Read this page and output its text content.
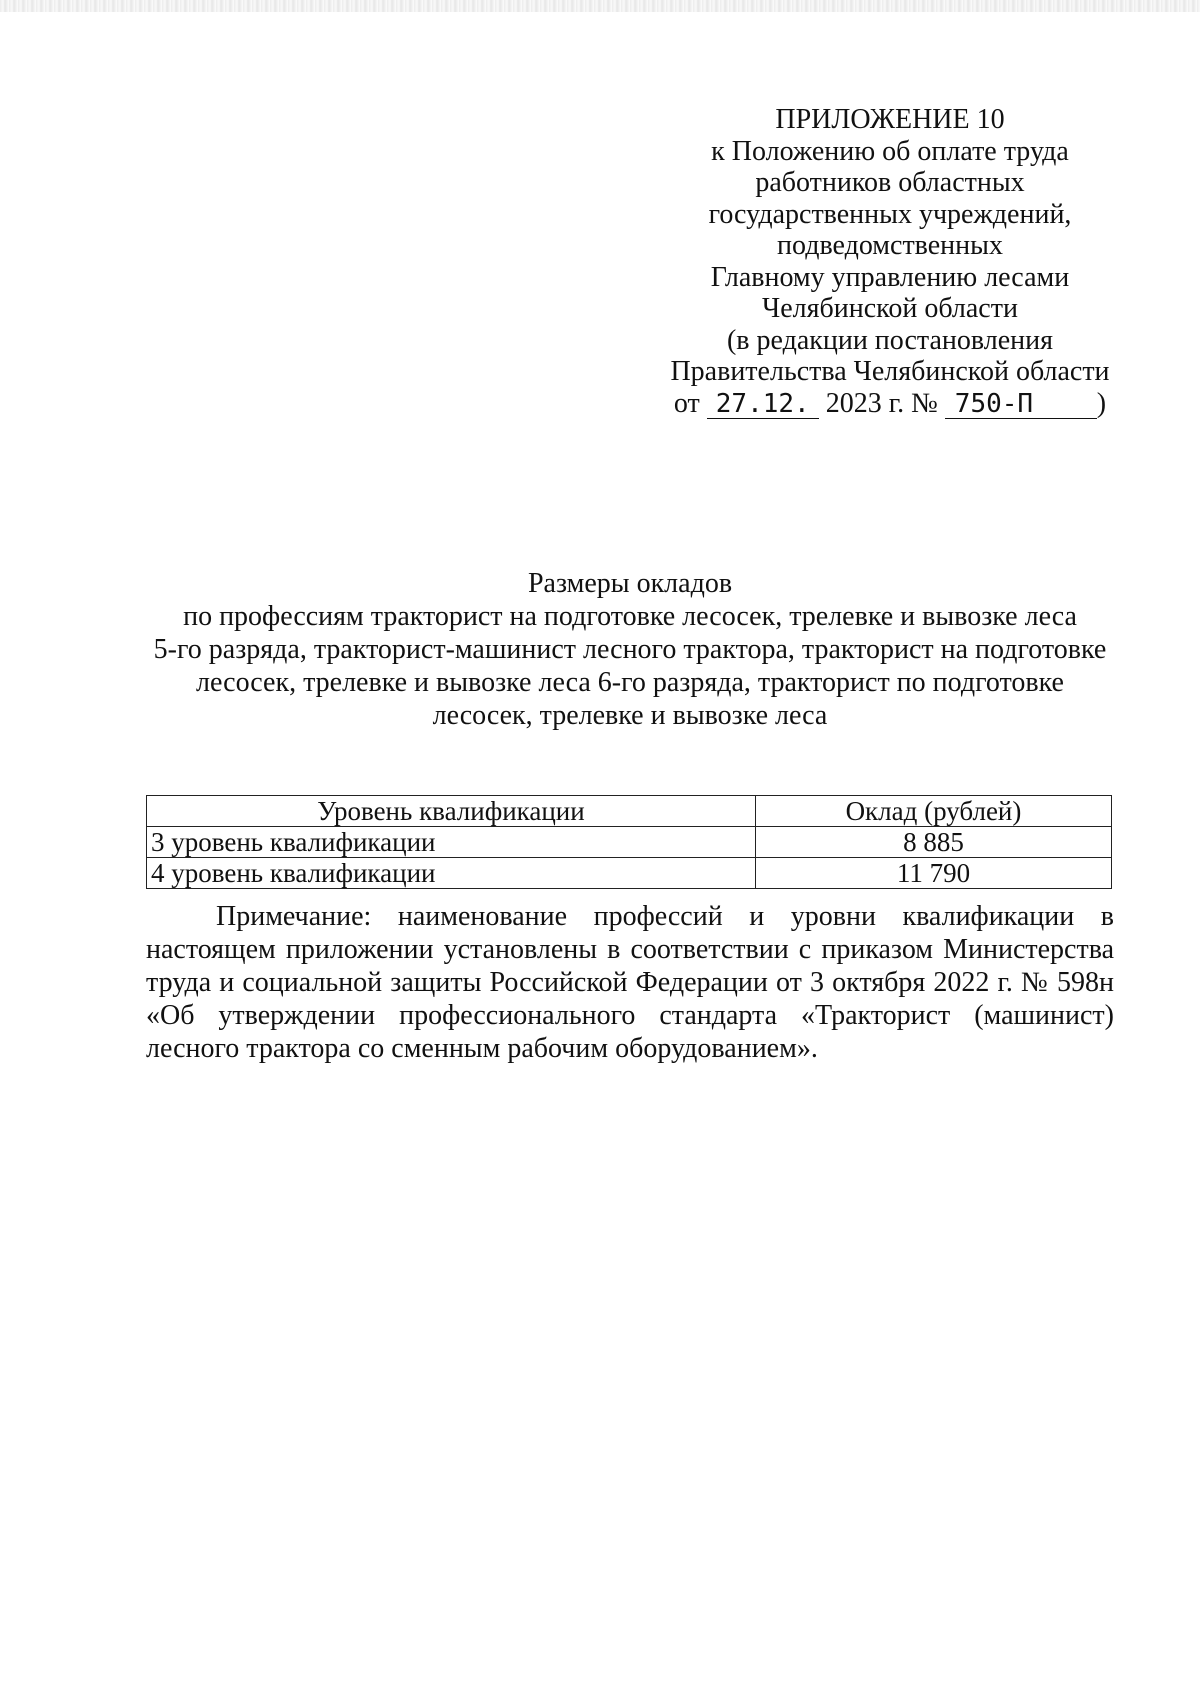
ПРИЛОЖЕНИЕ 10
к Положению об оплате труда
работников областных
государственных учреждений,
подведомственных
Главному управлению лесами
Челябинской области
(в редакции постановления
Правительства Челябинской области
от 27.12. 2023 г. № 750-П )
Размеры окладов
по профессиям тракторист на подготовке лесосек, трелевке и вывозке леса
5-го разряда, тракторист-машинист лесного трактора, тракторист на подготовке
лесосек, трелевке и вывозке леса 6-го разряда, тракторист по подготовке
лесосек, трелевке и вывозке леса
Уровень квалификации	Оклад (рублей)
3 уровень квалификации	8 885
4 уровень квалификации	11 790
Примечание: наименование профессий и уровни квалификации в
настоящем приложении установлены в соответствии с приказом Министерства
труда и социальной защиты Российской Федерации от 3 октября 2022 г. № 598н
«Об утверждении профессионального стандарта «Тракторист (машинист)
лесного трактора со сменным рабочим оборудованием».
